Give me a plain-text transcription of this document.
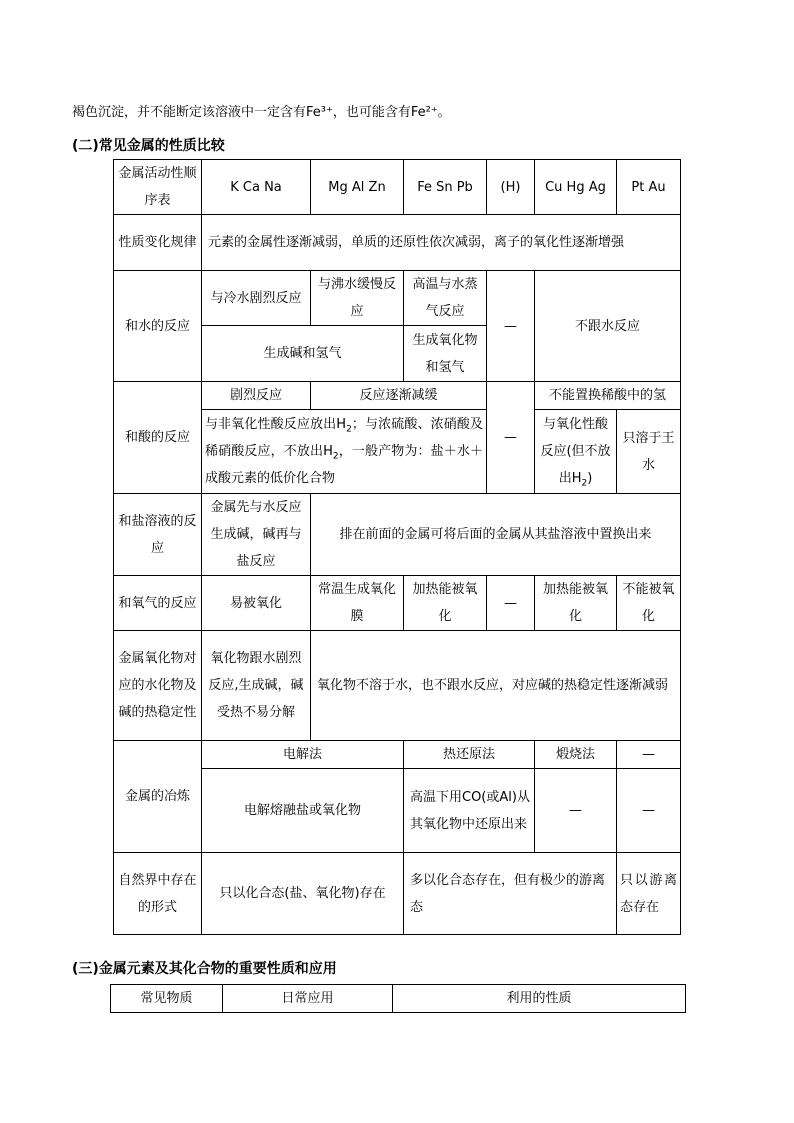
褐色沉淀，并不能断定该溶液中一定含有Fe³⁺，也可能含有Fe²⁺。
(二)常见金属的性质比较
金属活动性顺序表	K Ca Na	Mg Al Zn	Fe Sn Pb	(H)	Cu Hg Ag	Pt Au
性质变化规律	元素的金属性逐渐减弱，单质的还原性依次减弱，离子的氧化性逐渐增强					
和水的反应	与冷水剧烈反应	与沸水缓慢反应	高温与水蒸气反应	—	不跟水反应	
	生成碱和氢气		生成氧化物和氢气			
和酸的反应	剧烈反应	反应逐渐减缓		—	不能置换稀酸中的氢	
	与非氧化性酸反应放出$H_2$；与浓硫酸、浓硝酸及稀硝酸反应，不放出$H_2$，一般产物为：盐＋水＋成酸元素的低价化合物				与氧化性酸反应(但不放出$H_2$)	只溶于王水
和盐溶液的反应	金属先与水反应生成碱，碱再与盐反应	排在前面的金属可将后面的金属从其盐溶液中置换出来				
和氧气的反应	易被氧化	常温生成氧化膜	加热能被氧化	—	加热能被氧化	不能被氧化
金属氧化物对应的水化物及碱的热稳定性	氧化物跟水剧烈反应,生成碱，碱受热不易分解	氧化物不溶于水，也不跟水反应，对应碱的热稳定性逐渐减弱				
金属的冶炼	电解法		热还原法		煅烧法	—
	电解熔融盐或氧化物		高温下用CO(或Al)从其氧化物中还原出来		—	—
自然界中存在的形式	只以化合态(盐、氧化物)存在		多以化合态存在，但有极少的游离态			只以游离态存在
(三)金属元素及其化合物的重要性质和应用
常见物质	日常应用	利用的性质
